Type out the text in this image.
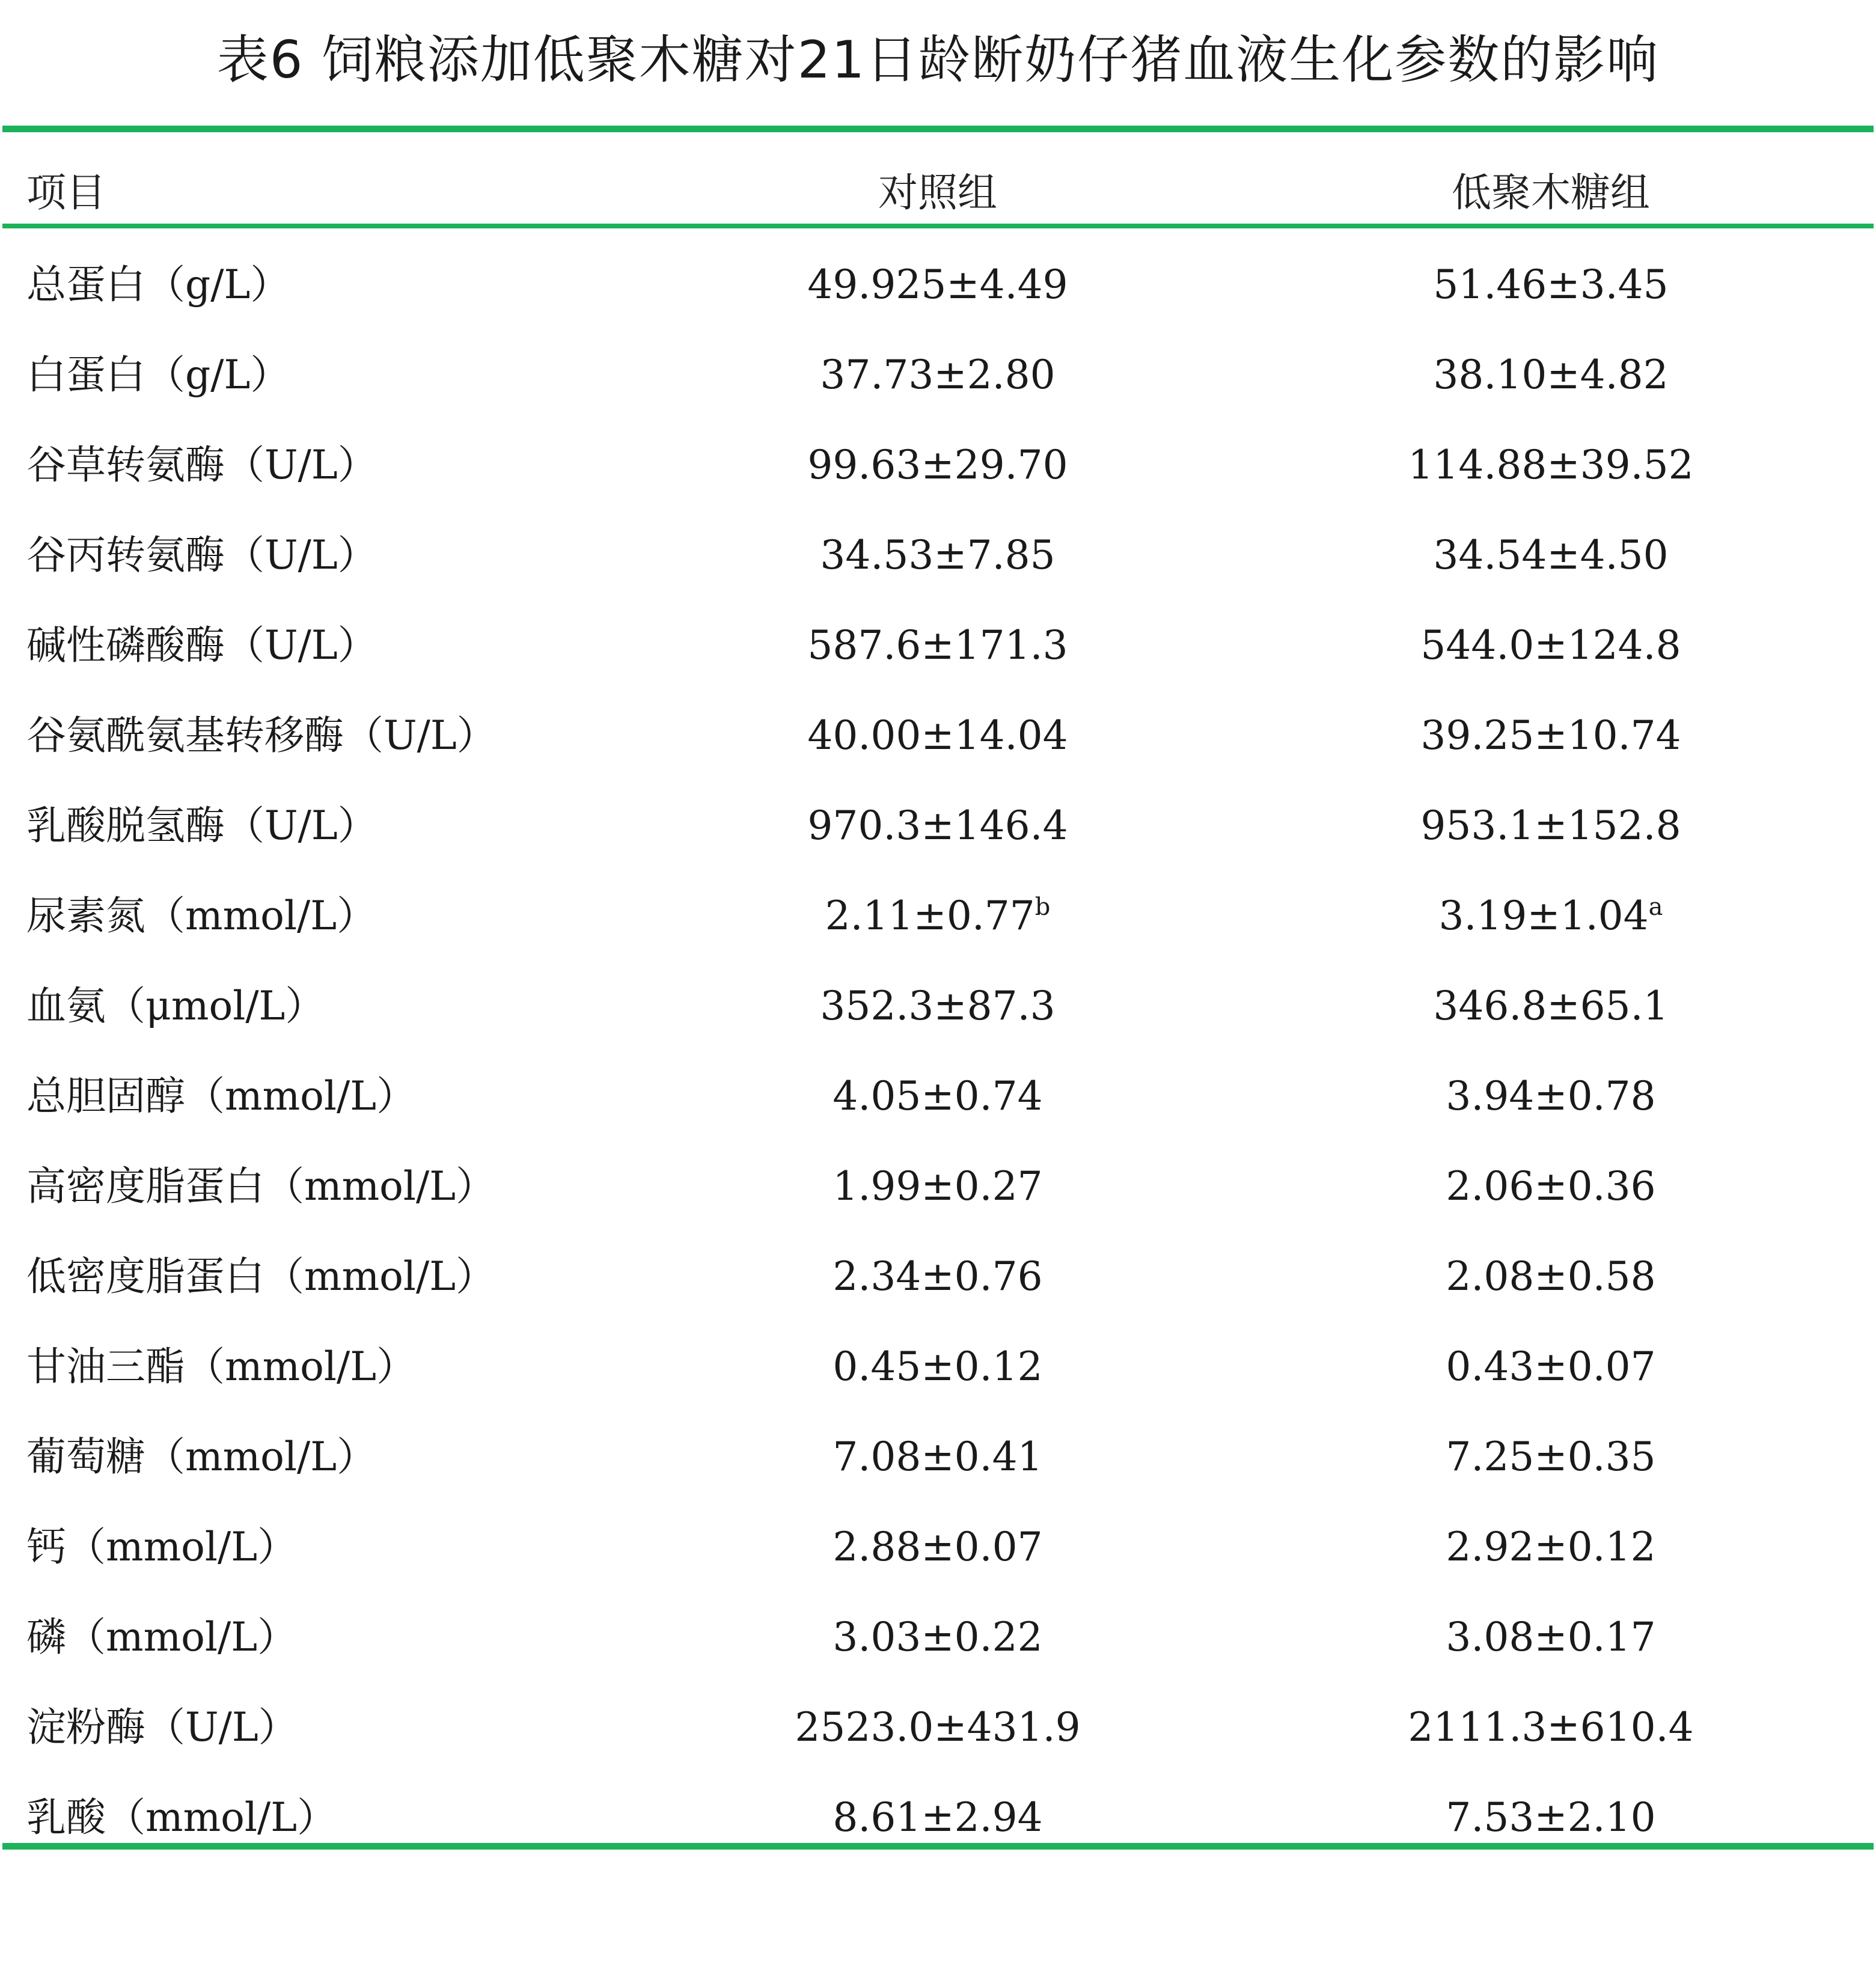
表6 饲粮添加低聚木糖对21日龄断奶仔猪血液生化参数的影响
项目	对照组	低聚木糖组
总蛋白（g/L）	49.925±4.49	51.46±3.45
白蛋白（g/L）	37.73±2.80	38.10±4.82
谷草转氨酶（U/L）	99.63±29.70	114.88±39.52
谷丙转氨酶（U/L）	34.53±7.85	34.54±4.50
碱性磷酸酶（U/L）	587.6±171.3	544.0±124.8
谷氨酰氨基转移酶（U/L）	40.00±14.04	39.25±10.74
乳酸脱氢酶（U/L）	970.3±146.4	953.1±152.8
尿素氮（mmol/L）	2.11±0.77$^b$	3.19±1.04$^a$
血氨（μmol/L）	352.3±87.3	346.8±65.1
总胆固醇（mmol/L）	4.05±0.74	3.94±0.78
高密度脂蛋白（mmol/L）	1.99±0.27	2.06±0.36
低密度脂蛋白（mmol/L）	2.34±0.76	2.08±0.58
甘油三酯（mmol/L）	0.45±0.12	0.43±0.07
葡萄糖（mmol/L）	7.08±0.41	7.25±0.35
钙（mmol/L）	2.88±0.07	2.92±0.12
磷（mmol/L）	3.03±0.22	3.08±0.17
淀粉酶（U/L）	2523.0±431.9	2111.3±610.4
乳酸（mmol/L）	8.61±2.94	7.53±2.10
